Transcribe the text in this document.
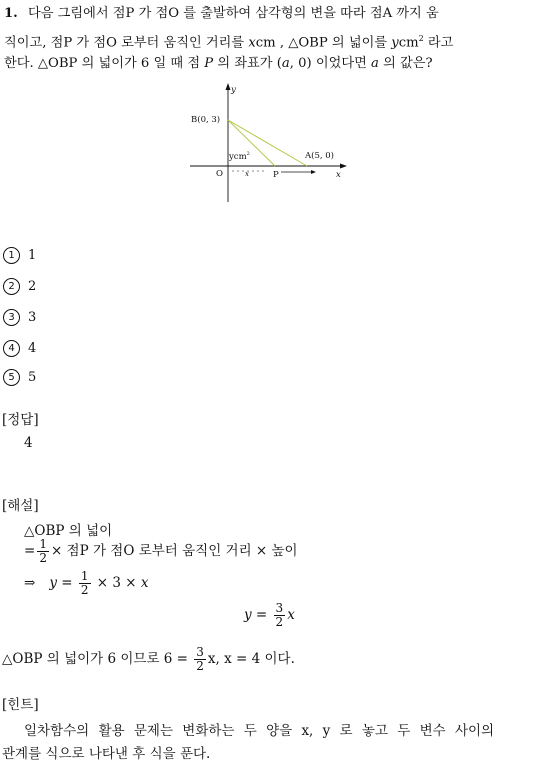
1. 다음 그림에서 점P 가 점O 를 출발하여 삼각형의 변을 따라 점A 까지 움
직이고, 점P 가 점O 로부터 움직인 거리를 xcm , △OBP 의 넓이를 ycm$^2$ 라고
한다. △OBP 의 넓이가 6 일 때 점 P 의 좌표가 (a, 0) 이었다면 a 의 값은?
y
x
B(0, 3)
A(5, 0)
O	P
x
ycm$^2$
1 1
2 2
3 3
4 4
5 5
[정답]
4
[해설]
△OBP 의 넓이
= $\frac{1}{2}$ × 점P 가 점O 로부터 움직인 거리 × 높이
⇒ $y = \frac{1}{2} \times 3 \times x$
$y = \frac{3}{2}$ x
△OBP 의 넓이가 6 이므로 $6 = \frac{3}{2} x$, x = 4 이다.
[힌트]
일차함수의 활용 문제는 변화하는 두 양을 x, y 로 놓고 두 변수 사이의
관계를 식으로 나타낸 후 식을 푼다.
